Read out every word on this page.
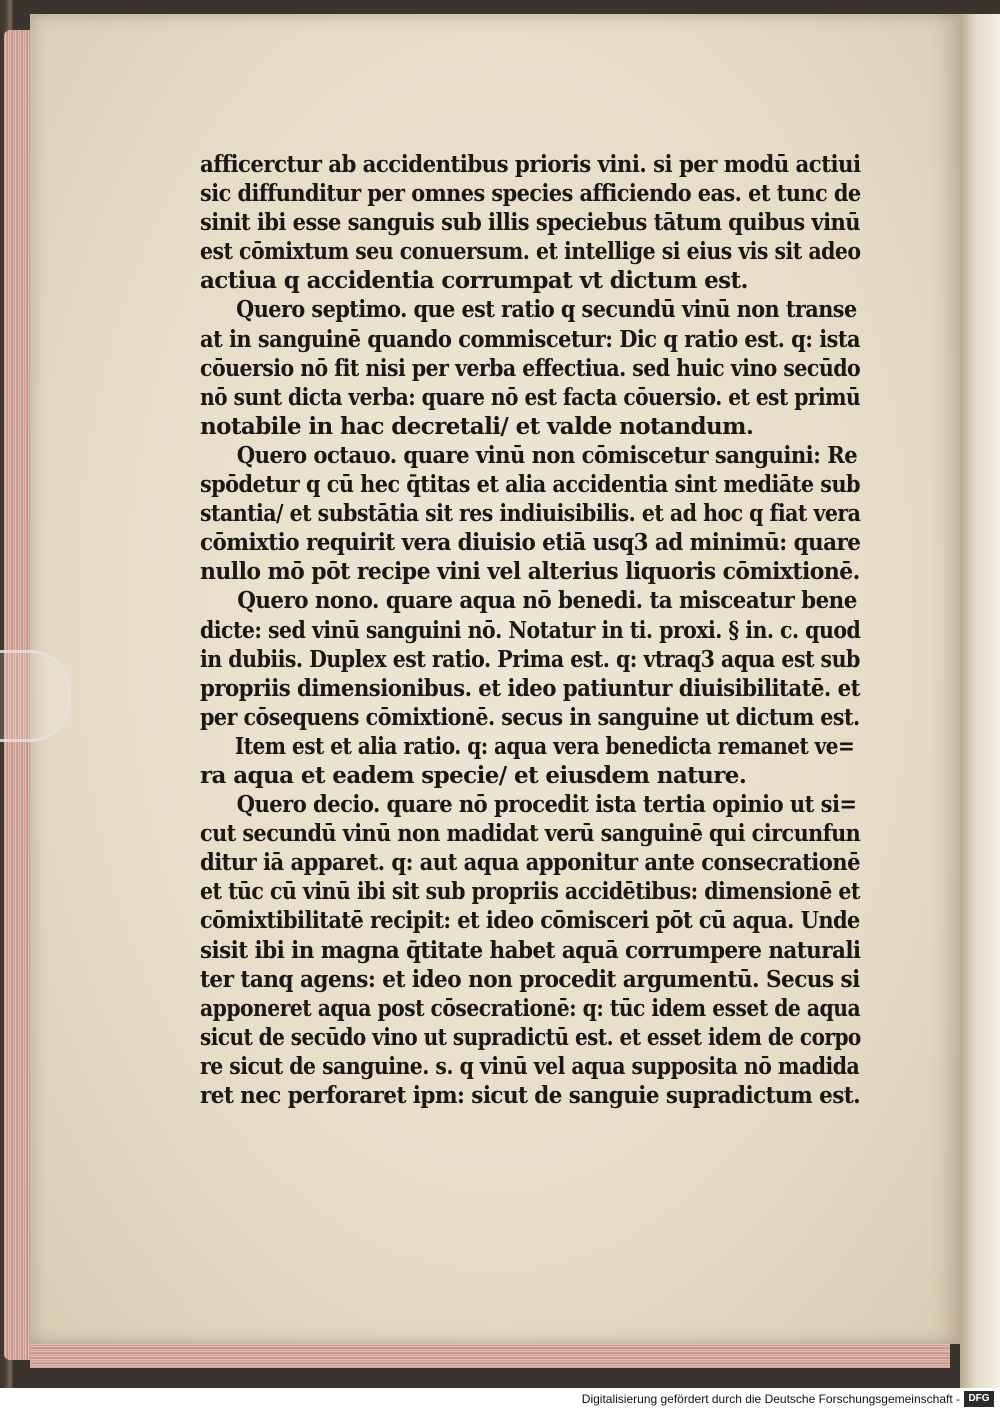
afficerctur ab accidentibus prioris vini. si per modū actiui
sic diffunditur per omnes species afficiendo eas. et tunc de
sinit ibi esse sanguis sub illis speciebus tātum quibus vinū
est cōmixtum seu conuersum. et intellige si eius vis sit adeo
actiua q accidentia corrumpat vt dictum est.
Quero septimo. que est ratio q secundū vinū non transe
at in sanguinē quando commiscetur: Dic q ratio est. q: ista
cōuersio nō fit nisi per verba effectiua. sed huic vino secūdo
nō sunt dicta verba: quare nō est facta cōuersio. et est primū
notabile in hac decretali/ et valde notandum.
Quero octauo. quare vinū non cōmiscetur sanguini: Re
spōdetur q cū hec q̄titas et alia accidentia sint mediāte sub
stantia/ et substātia sit res indiuisibilis. et ad hoc q fiat vera
cōmixtio requirit vera diuisio etiā usq3 ad minimū: quare
nullo mō pōt recipe vini vel alterius liquoris cōmixtionē.
Quero nono. quare aqua nō benedi. ta misceatur bene
dicte: sed vinū sanguini nō. Notatur in ti. proxi. § in. c. quod
in dubiis. Duplex est ratio. Prima est. q: vtraq3 aqua est sub
propriis dimensionibus. et ideo patiuntur diuisibilitatē. et
per cōsequens cōmixtionē. secus in sanguine ut dictum est.
Item est et alia ratio. q: aqua vera benedicta remanet ve=
ra aqua et eadem specie/ et eiusdem nature.
Quero decio. quare nō procedit ista tertia opinio ut si=
cut secundū vinū non madidat verū sanguinē qui circunfun
ditur iā apparet. q: aut aqua apponitur ante consecrationē
et tūc cū vinū ibi sit sub propriis accidētibus: dimensionē et
cōmixtibilitatē recipit: et ideo cōmisceri pōt cū aqua. Unde
sisit ibi in magna q̄titate habet aquā corrumpere naturali
ter tanq agens: et ideo non procedit argumentū. Secus si
apponeret aqua post cōsecrationē: q: tūc idem esset de aqua
sicut de secūdo vino ut supradictū est. et esset idem de corpo
re sicut de sanguine. s. q vinū vel aqua supposita nō madida
ret nec perforaret ipm: sicut de sanguie supradictum est.
Digitalisierung gefördert durch die Deutsche Forschungsgemeinschaft - DFG
